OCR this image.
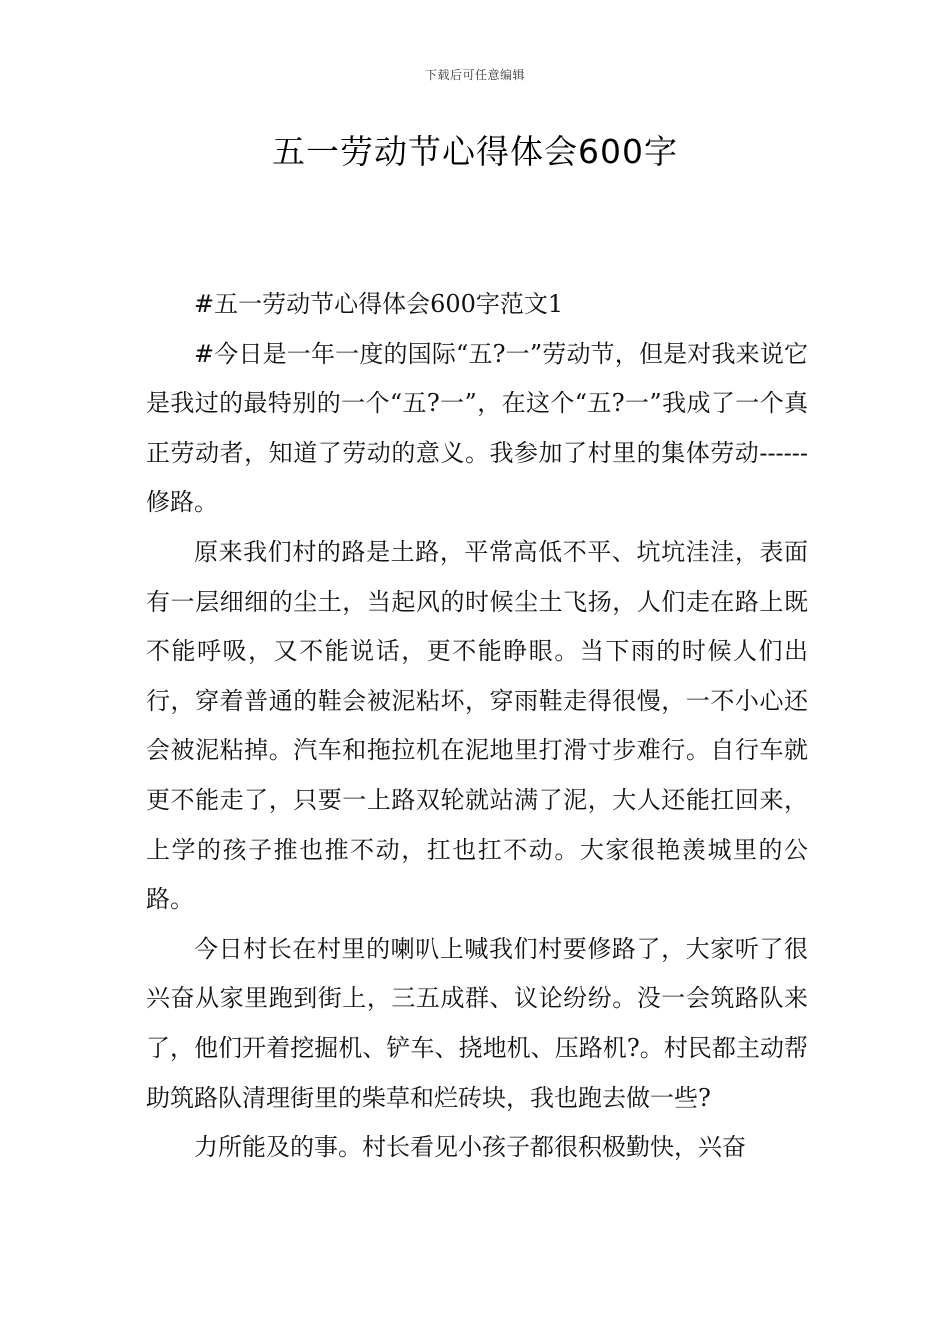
下载后可任意编辑
五一劳动节心得体会600字

#五一劳动节心得体会600字范文1

#今日是一年一度的国际“五?一”劳动节，但是对我来说它是我过的最特别的一个“五?一”，在这个“五?一”我成了一个真正劳动者，知道了劳动的意义。我参加了村里的集体劳动------修路。

原来我们村的路是土路，平常高低不平、坑坑洼洼，表面有一层细细的尘土，当起风的时候尘土飞扬，人们走在路上既不能呼吸，又不能说话，更不能睁眼。当下雨的时候人们出行，穿着普通的鞋会被泥粘坏，穿雨鞋走得很慢，一不小心还会被泥粘掉。汽车和拖拉机在泥地里打滑寸步难行。自行车就更不能走了，只要一上路双轮就站满了泥，大人还能扛回来，上学的孩子推也推不动，扛也扛不动。大家很艳羡城里的公路。

今日村长在村里的喇叭上喊我们村要修路了，大家听了很兴奋从家里跑到街上，三五成群、议论纷纷。没一会筑路队来了，他们开着挖掘机、铲车、挠地机、压路机?。村民都主动帮助筑路队清理街里的柴草和烂砖块，我也跑去做一些?

力所能及的事。村长看见小孩子都很积极勤快，兴奋
